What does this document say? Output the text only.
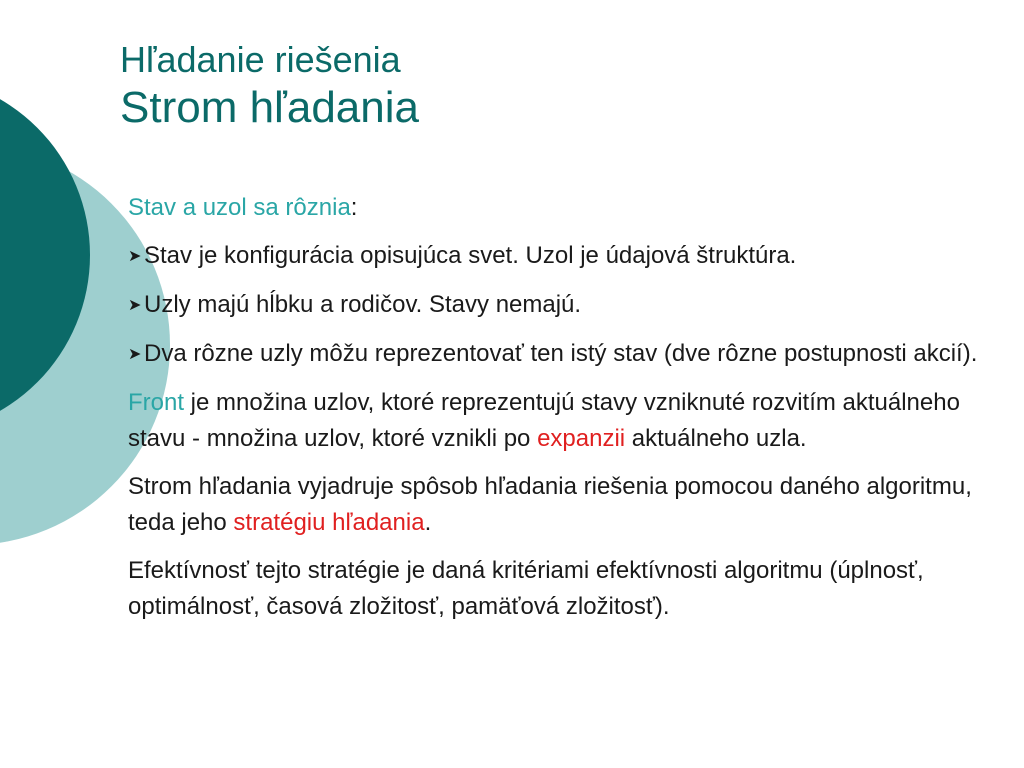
Hľadanie riešenia
Strom hľadania

Stav a uzol sa rôznia:

➤ Stav je konfigurácia opisujúca svet. Uzol je údajová štruktúra.

➤ Uzly majú hĺbku a rodičov. Stavy nemajú.

➤ Dva rôzne uzly môžu reprezentovať ten istý stav (dve rôzne postupnosti akcií).

Front je množina uzlov, ktoré reprezentujú stavy vzniknuté rozvitím aktuálneho stavu - množina uzlov, ktoré vznikli po expanzii aktuálneho uzla.

Strom hľadania vyjadruje spôsob hľadania riešenia pomocou daného algoritmu, teda jeho stratégiu hľadania.

Efektívnosť tejto stratégie je daná kritériami efektívnosti algoritmu (úplnosť, optimálnosť, časová zložitosť, pamäťová zložitosť).
